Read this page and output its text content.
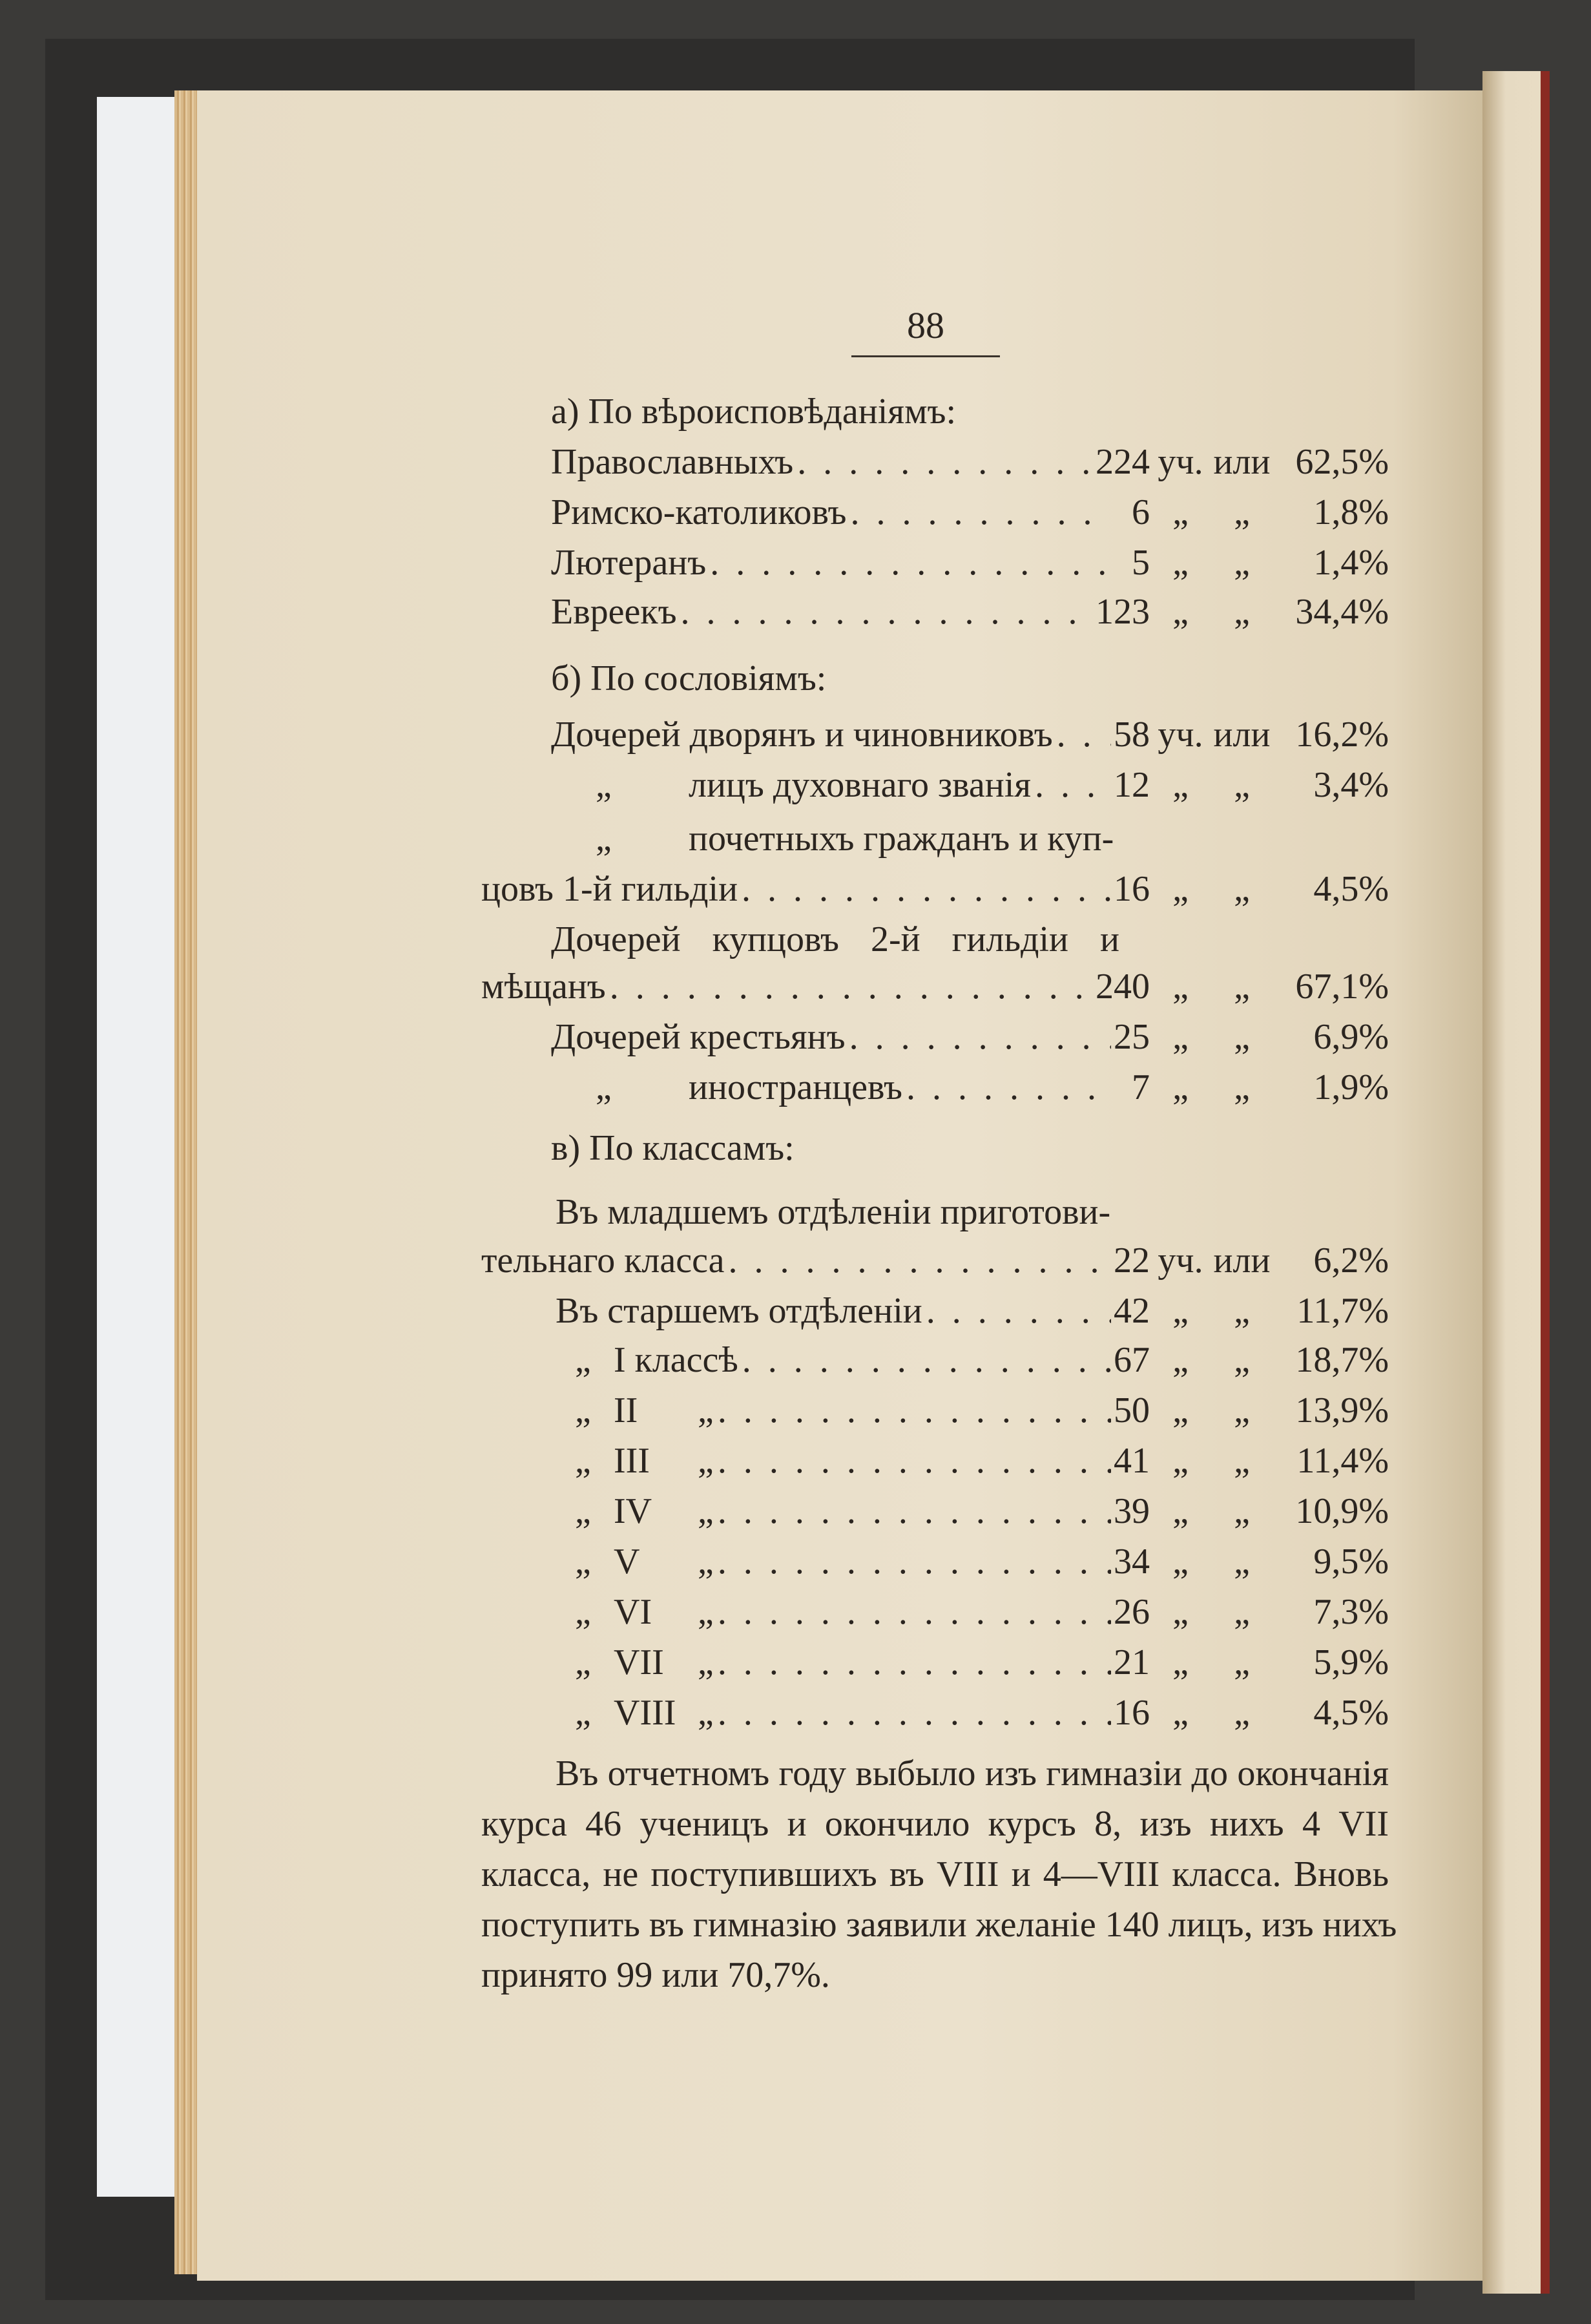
88
а) По вѣроисповѣданіямъ:
Православныхъ . . .	224 уч. или 62,5%
Римско-католиковъ . . .	6 „	„	1,8%
Лютеранъ . . .	5 „	„	1,4%
Евреекъ . . .	123 „	„	34,4%
б) По сословіямъ:
Дочерей дворянъ и чиновниковъ . . . 58 уч. или 16,2%
„ лицъ духовнаго званія . . . 12 „	„	3,4%
„ почетныхъ гражданъ и куп-
цовъ 1-й гильдіи . . .	16 „	„	4,5%
Дочерей купцовъ 2-й гильдіи и
мѣщанъ . . .	240 „	„	67,1%
Дочерей крестьянъ . . .	25 „	„	6,9%
„ иностранцевъ . . .	7 „	„	1,9%
в) По классамъ:
Въ младшемъ отдѣленіи приготови-
тельнаго класса . . .	22 уч. или	6,2%
Въ старшемъ отдѣленіи . . .	42 „	„	11,7%
„ I классѣ . . .	67 „	„	18,7%
„ II „ . . .	50 „	„	13,9%
„ III „ . . .	41 „	„	11,4%
„ IV „ . . .	39 „	„	10,9%
„ V „ . . .	34 „	„	9,5%
„ VI „ . . .	26 „	„	7,3%
„ VII „ . . .	21 „	„	5,9%
„ VIII „ . . .	16 „	„	4,5%
Въ отчетномъ году выбыло изъ гимназіи до окончанія
курса 46 ученицъ и окончило курсъ 8, изъ нихъ 4 VII
класса, не поступившихъ въ VIII и 4—VIII класса. Вновь
поступить въ гимназію заявили желаніе 140 лицъ, изъ нихъ
принято 99 или 70,7%.
